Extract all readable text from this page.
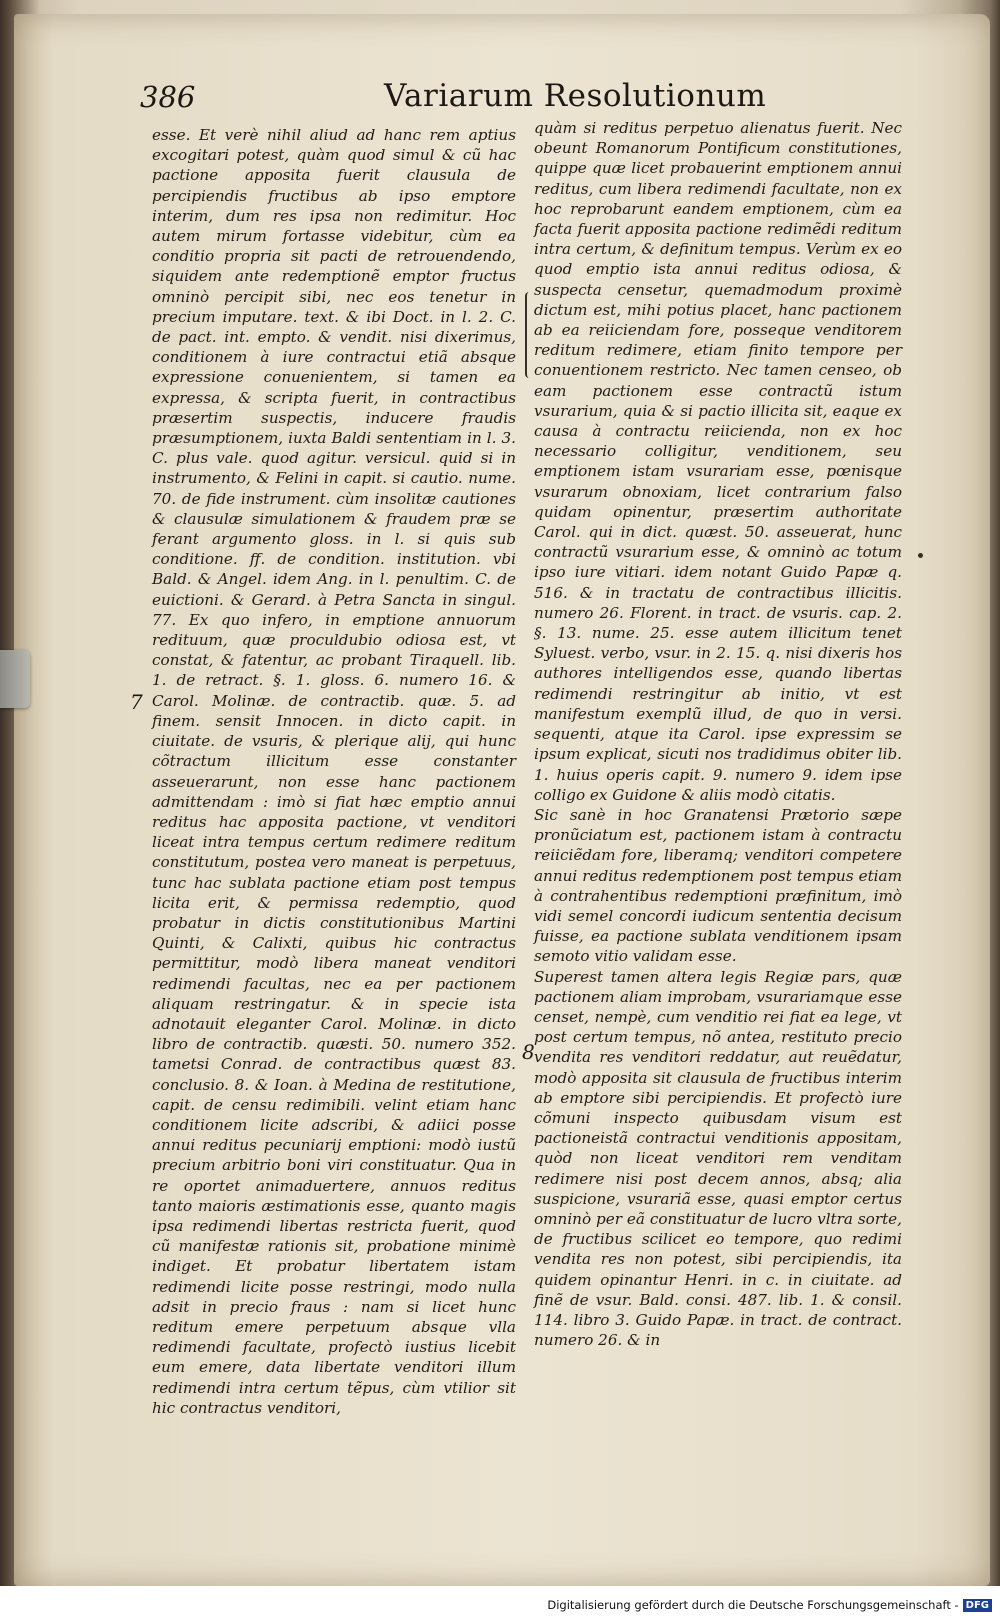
386	Variarum Resolutionum

esse. Et verè nihil aliud ad hanc rem aptius excogitari potest, quàm quod simul & cũ hac pactione apposita fuerit clausula de percipiendis fructibus ab ipso emptore interim, dum res ipsa non redimitur. Hoc autem mirum fortasse videbitur, cùm ea conditio propria sit pacti de retrouendendo, siquidem ante redemptionẽ emptor fructus omninò percipit sibi, nec eos tenetur in precium imputare. text. & ibi Doct. in l. 2. C. de pact. int. empto. & vendit. nisi dixerimus, conditionem à iure contractui etiã absque expressione conuenientem, si tamen ea expressa, & scripta fuerit, in contractibus præsertim suspectis, inducere fraudis præsumptionem, iuxta Baldi sententiam in l. 3. C. plus vale. quod agitur. versicul. quid si in instrumento, & Felini in capit. si cautio. nume. 70. de fide instrument. cùm insolitæ cautiones & clausulæ simulationem & fraudem præ se ferant argumento gloss. in l. si quis sub conditione. ff. de condition. institution. vbi Bald. & Angel. idem Ang. in l. penultim. C. de euictioni. & Gerard. à Petra Sancta in singul. 77. Ex quo infero, in emptione annuorum redituum, quæ proculdubio odiosa est, vt constat, & fatentur, ac probant Tiraquell. lib. 1. de retract. §. 1. gloss. 6. numero 16. & Carol. Molinæ. de contractib. quæ. 5. ad finem. sensit Innocen. in dicto capit. in ciuitate. de vsuris, & plerique alij, qui hunc cõtractum illicitum esse constanter asseuerarunt, non esse hanc pactionem admittendam : imò si fiat hæc emptio annui reditus hac apposita pactione, vt venditori liceat intra tempus certum redimere reditum constitutum, postea vero maneat is perpetuus, tunc hac sublata pactione etiam post tempus licita erit, & permissa redemptio, quod probatur in dictis constitutionibus Martini Quinti, & Calixti, quibus hic contractus permittitur, modò libera maneat venditori redimendi facultas, nec ea per pactionem aliquam restringatur. & in specie ista adnotauit eleganter Carol. Molinæ. in dicto libro de contractib. quæsti. 50. numero 352. tametsi Conrad. de contractibus quæst 83. conclusio. 8. & Ioan. à Medina de restitutione, capit. de censu redimibili. velint etiam hanc conditionem licite adscribi, & adiici posse annui reditus pecuniarij emptioni: modò iustũ precium arbitrio boni viri constituatur. Qua in re oportet animaduertere, annuos reditus tanto maioris æstimationis esse, quanto magis ipsa redimendi libertas restricta fuerit, quod cũ manifestæ rationis sit, probatione minimè indiget. Et probatur libertatem istam redimendi licite posse restringi, modo nulla adsit in precio fraus : nam si licet hunc reditum emere perpetuum absque vlla redimendi facultate, profectò iustius licebit eum emere, data libertate venditori illum redimendi intra certum tẽpus, cùm vtilior sit hic contractus venditori,

quàm si reditus perpetuo alienatus fuerit. Nec obeunt Romanorum Pontificum constitutiones, quippe quæ licet probauerint emptionem annui reditus, cum libera redimendi facultate, non ex hoc reprobarunt eandem emptionem, cùm ea facta fuerit apposita pactione redimẽdi reditum intra certum, & definitum tempus. Verùm ex eo quod emptio ista annui reditus odiosa, & suspecta censetur, quemadmodum proximè dictum est, mihi potius placet, hanc pactionem ab ea reiiciendam fore, posseque venditorem reditum redimere, etiam finito tempore per conuentionem restricto. Nec tamen censeo, ob eam pactionem esse contractũ istum vsurarium, quia & si pactio illicita sit, eaque ex causa à contractu reiicienda, non ex hoc necessario colligitur, venditionem, seu emptionem istam vsurariam esse, pœnisque vsurarum obnoxiam, licet contrarium falso quidam opinentur, præsertim authoritate Carol. qui in dict. quæst. 50. asseuerat, hunc contractũ vsurarium esse, & omninò ac totum ipso iure vitiari. idem notant Guido Papæ q. 516. & in tractatu de contractibus illicitis. numero 26. Florent. in tract. de vsuris. cap. 2. §. 13. nume. 25. esse autem illicitum tenet Syluest. verbo, vsur. in 2. 15. q. nisi dixeris hos authores intelligendos esse, quando libertas redimendi restringitur ab initio, vt est manifestum exemplũ illud, de quo in versi. sequenti, atque ita Carol. ipse expressim se ipsum explicat, sicuti nos tradidimus obiter lib. 1. huius operis capit. 9. numero 9. idem ipse colligo ex Guidone & aliis modò citatis.

Sic sanè in hoc Granatensi Prætorio sæpe pronũciatum est, pactionem istam à contractu reiiciẽdam fore, liberamq; venditori competere annui reditus redemptionem post tempus etiam à contrahentibus redemptioni præfinitum, imò vidi semel concordi iudicum sententia decisum fuisse, ea pactione sublata venditionem ipsam semoto vitio validam esse.

Superest tamen altera legis Regiæ pars, quæ pactionem aliam improbam, vsurariamque esse censet, nempè, cum venditio rei fiat ea lege, vt post certum tempus, nõ antea, restituto precio vendita res venditori reddatur, aut reuẽdatur, modò apposita sit clausula de fructibus interim ab emptore sibi percipiendis. Et profectò iure cõmuni inspecto quibusdam visum est pactioneistã contractui venditionis appositam, quòd non liceat venditori rem venditam redimere nisi post decem annos, absq; alia suspicione, vsurariã esse, quasi emptor certus omninò per eã constituatur de lucro vltra sorte, de fructibus scilicet eo tempore, quo redimi vendita res non potest, sibi percipiendis, ita quidem opinantur Henri. in c. in ciuitate. ad finẽ de vsur. Bald. consi. 487. lib. 1. & consil. 114. libro 3. Guido Papæ. in tract. de contract. numero 26. & in

7
8
Digitalisierung gefördert durch die Deutsche Forschungsgemeinschaft - DFG
